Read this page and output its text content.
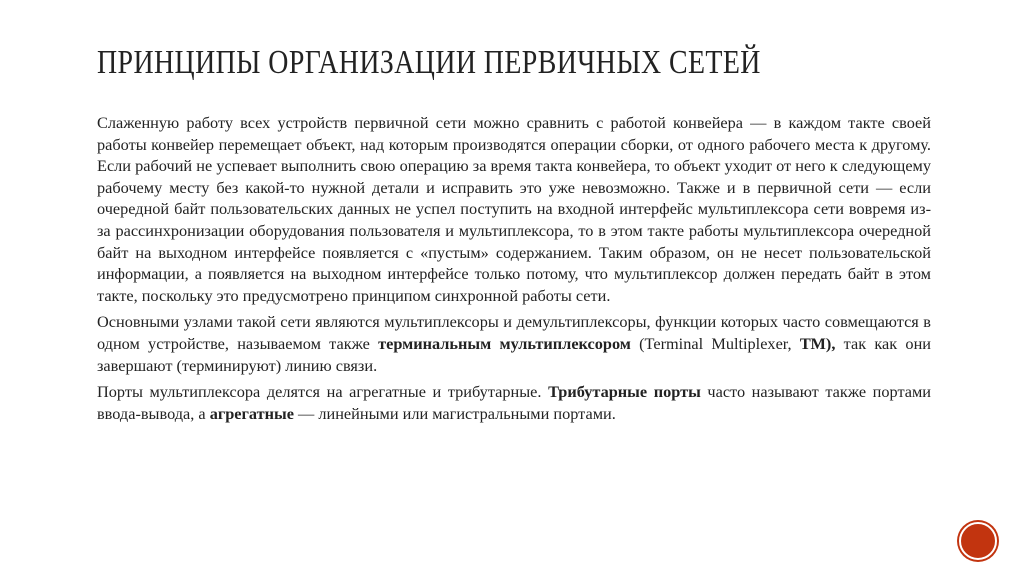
ПРИНЦИПЫ ОРГАНИЗАЦИИ ПЕРВИЧНЫХ СЕТЕЙ

Слаженную работу всех устройств первичной сети можно сравнить с работой конвейера — в каждом такте своей работы конвейер перемещает объект, над которым производятся операции сборки, от одного рабочего места к другому. Если рабочий не успевает выполнить свою операцию за время такта конвейера, то объект уходит от него к следующему рабочему месту без какой-то нужной детали и исправить это уже невозможно. Также и в первичной сети — если очередной байт пользовательских данных не успел поступить на входной интерфейс мультиплексора сети вовремя из-за рассинхронизации оборудования пользователя и мультиплексора, то в этом такте работы мультиплексора очередной байт на выходном интерфейсе появляется с «пустым» содержанием. Таким образом, он не несет пользовательской информации, а появляется на выходном интерфейсе только потому, что мультиплексор должен передать байт в этом такте, поскольку это предусмотрено принципом синхронной работы сети.

Основными узлами такой сети являются мультиплексоры и демультиплексоры, функции которых часто совмещаются в одном устройстве, называемом также терминальным мультиплексором (Terminal Multiplexer, ТМ), так как они завершают (терминируют) линию связи.

Порты мультиплексора делятся на агрегатные и трибутарные. Трибутарные порты часто называют также портами ввода-вывода, а агрегатные — линейными или магистральными портами.
